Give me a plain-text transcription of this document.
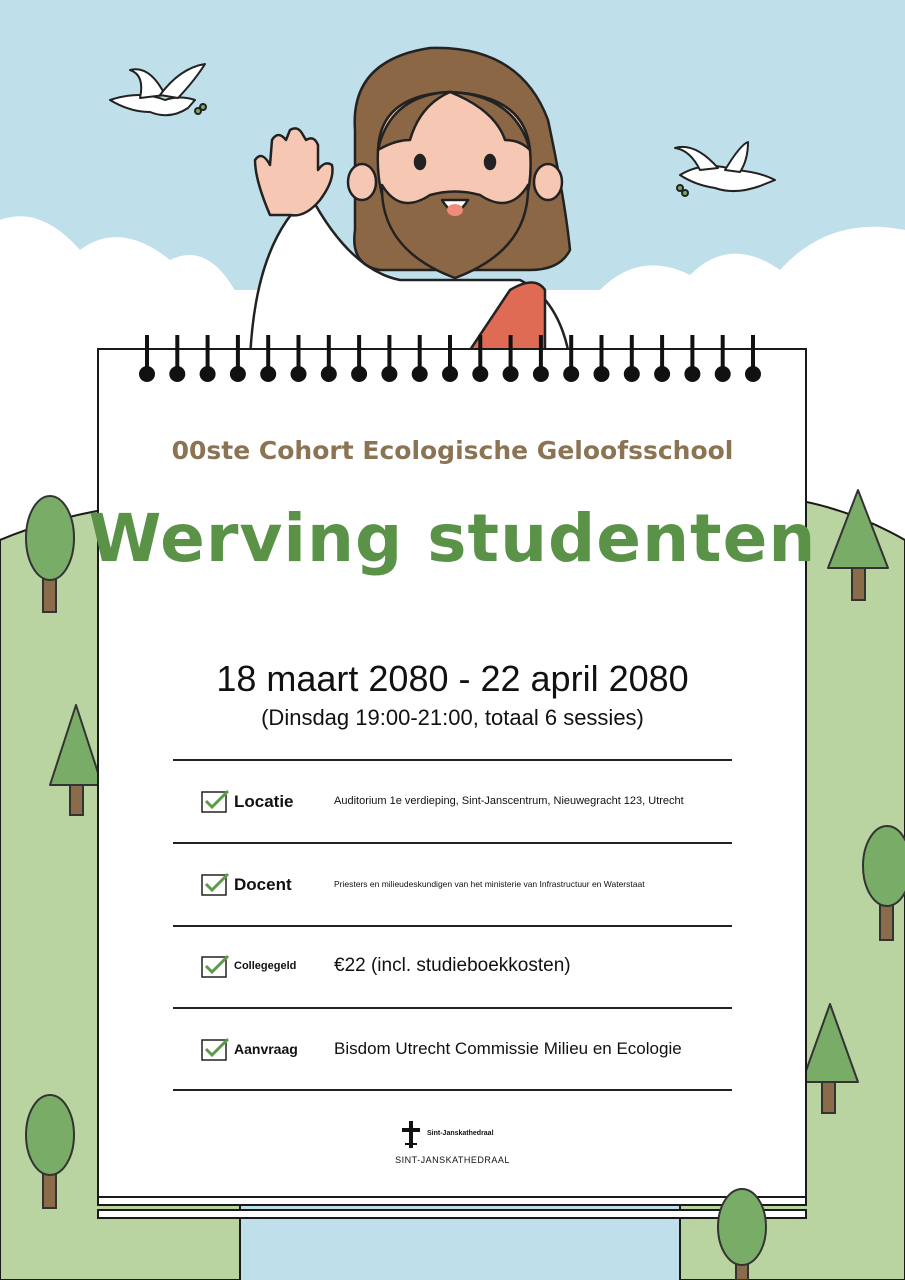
00ste Cohort Ecologische Geloofsschool
Werving studenten
18 maart 2080 - 22 april 2080
(Dinsdag 19:00-21:00, totaal 6 sessies)
Locatie	Auditorium 1e verdieping, Sint-Janscentrum, Nieuwegracht 123, Utrecht
Docent	Priesters en milieudeskundigen van het ministerie van Infrastructuur en Waterstaat
Collegegeld €22 (incl. studieboekkosten)
Aanvraag Bisdom Utrecht Commissie Milieu en Ecologie
Sint-Janskathedraal
SINT-JANSKATHEDRAAL
